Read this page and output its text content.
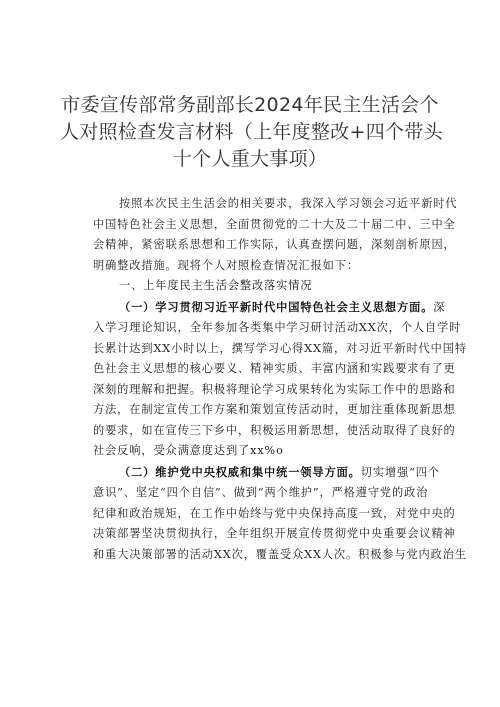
市委宣传部常务副部长2024年民主生活会个
人对照检查发言材料（上年度整改+四个带头
十个人重大事项）
按照本次民主生活会的相关要求，我深入学习领会习近平新时代
中国特色社会主义思想，全面贯彻党的二十大及二十届二中、三中全
会精神，紧密联系思想和工作实际，认真查摆问题，深刻剖析原因，
明确整改措施。现将个人对照检查情况汇报如下：
一、上年度民主生活会整改落实情况
（一）学习贯彻习近平新时代中国特色社会主义思想方面。深
入学习理论知识，全年参加各类集中学习研讨活动XX次，个人自学时
长累计达到XX小时以上，撰写学习心得XX篇，对习近平新时代中国特
色社会主义思想的核心要义、精神实质、丰富内涵和实践要求有了更
深刻的理解和把握。积极将理论学习成果转化为实际工作中的思路和
方法，在制定宣传工作方案和策划宣传活动时，更加注重体现新思想
的要求，如在宣传三下乡中，积极运用新思想，使活动取得了良好的
社会反响，受众满意度达到了xx%o
（二）维护党中央权威和集中统一领导方面。切实增强“四个
意识”、坚定“四个自信”、做到“两个维护”，严格遵守党的政治
纪律和政治规矩，在工作中始终与党中央保持高度一致，对党中央的
决策部署坚决贯彻执行，全年组织开展宣传贯彻党中央重要会议精神
和重大决策部署的活动XX次，覆盖受众XX人次。积极参与党内政治生
